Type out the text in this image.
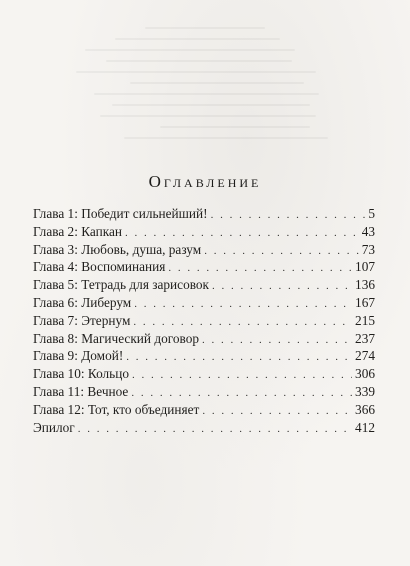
Оглавление
Глава 1: Победит сильнейший! . . .	5
Глава 2: Капкан . . .	43
Глава 3: Любовь, душа, разум . . .	73
Глава 4: Воспоминания . . .	107
Глава 5: Тетрадь для зарисовок . . .	136
Глава 6: Либерум . . .	167
Глава 7: Этернум . . .	215
Глава 8: Магический договор . . .	237
Глава 9: Домой! . . .	274
Глава 10: Кольцо . . .	306
Глава 11: Вечное . . .	339
Глава 12: Тот, кто объединяет . . .	366
Эпилог . . .	412
